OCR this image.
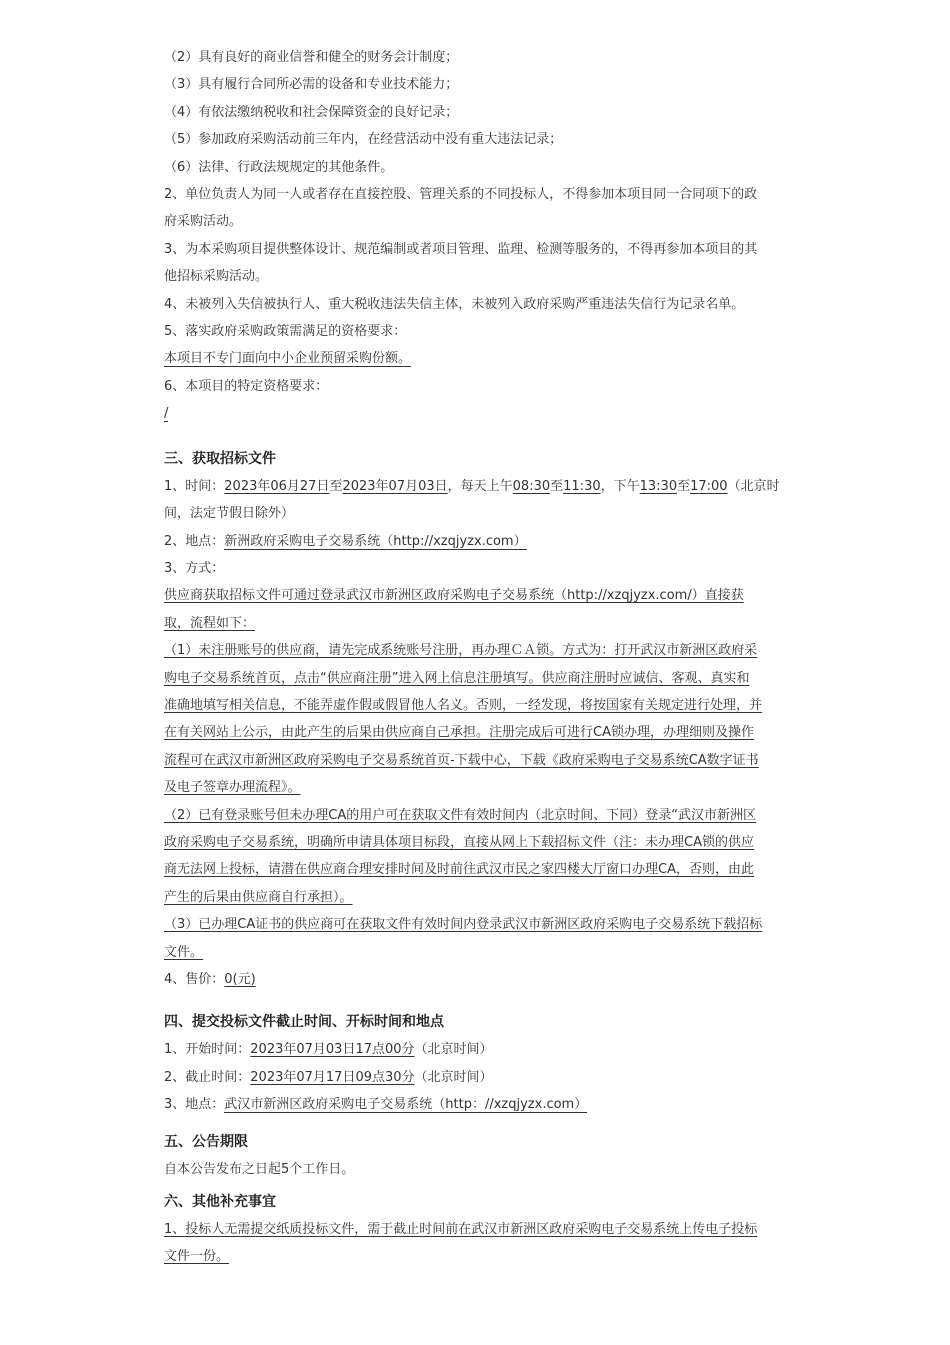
（2）具有良好的商业信誉和健全的财务会计制度；
（3）具有履行合同所必需的设备和专业技术能力；
（4）有依法缴纳税收和社会保障资金的良好记录；
（5）参加政府采购活动前三年内，在经营活动中没有重大违法记录；
（6）法律、行政法规规定的其他条件。
2、单位负责人为同一人或者存在直接控股、管理关系的不同投标人，不得参加本项目同一合同项下的政
府采购活动。
3、为本采购项目提供整体设计、规范编制或者项目管理、监理、检测等服务的，不得再参加本项目的其
他招标采购活动。
4、未被列入失信被执行人、重大税收违法失信主体，未被列入政府采购严重违法失信行为记录名单。
5、落实政府采购政策需满足的资格要求：
本项目不专门面向中小企业预留采购份额。
6、本项目的特定资格要求：
/
三、获取招标文件
1、时间：2023年06月27日至2023年07月03日，每天上午08:30至11:30，下午13:30至17:00（北京时
间，法定节假日除外）
2、地点：新洲政府采购电子交易系统（http://xzqjyzx.com）
3、方式：
供应商获取招标文件可通过登录武汉市新洲区政府采购电子交易系统（http://xzqjyzx.com/）直接获
取，流程如下：
（1）未注册账号的供应商，请先完成系统账号注册，再办理ＣＡ锁。方式为：打开武汉市新洲区政府采
购电子交易系统首页，点击“供应商注册”进入网上信息注册填写。供应商注册时应诚信、客观、真实和
准确地填写相关信息，不能弄虚作假或假冒他人名义。否则，一经发现，将按国家有关规定进行处理，并
在有关网站上公示，由此产生的后果由供应商自己承担。注册完成后可进行CA锁办理，办理细则及操作
流程可在武汉市新洲区政府采购电子交易系统首页-下载中心，下载《政府采购电子交易系统CA数字证书
及电子签章办理流程》。
（2）已有登录账号但未办理CA的用户可在获取文件有效时间内（北京时间、下同）登录“武汉市新洲区
政府采购电子交易系统，明确所申请具体项目标段，直接从网上下载招标文件（注：未办理CA锁的供应
商无法网上投标，请潜在供应商合理安排时间及时前往武汉市民之家四楼大厅窗口办理CA，否则，由此
产生的后果由供应商自行承担）。
（3）已办理CA证书的供应商可在获取文件有效时间内登录武汉市新洲区政府采购电子交易系统下载招标
文件。
4、售价：0(元)
四、提交投标文件截止时间、开标时间和地点
1、开始时间：2023年07月03日17点00分（北京时间）
2、截止时间：2023年07月17日09点30分（北京时间）
3、地点：武汉市新洲区政府采购电子交易系统（http：//xzqjyzx.com）
五、公告期限
自本公告发布之日起5个工作日。
六、其他补充事宜
1、投标人无需提交纸质投标文件，需于截止时间前在武汉市新洲区政府采购电子交易系统上传电子投标
文件一份。
